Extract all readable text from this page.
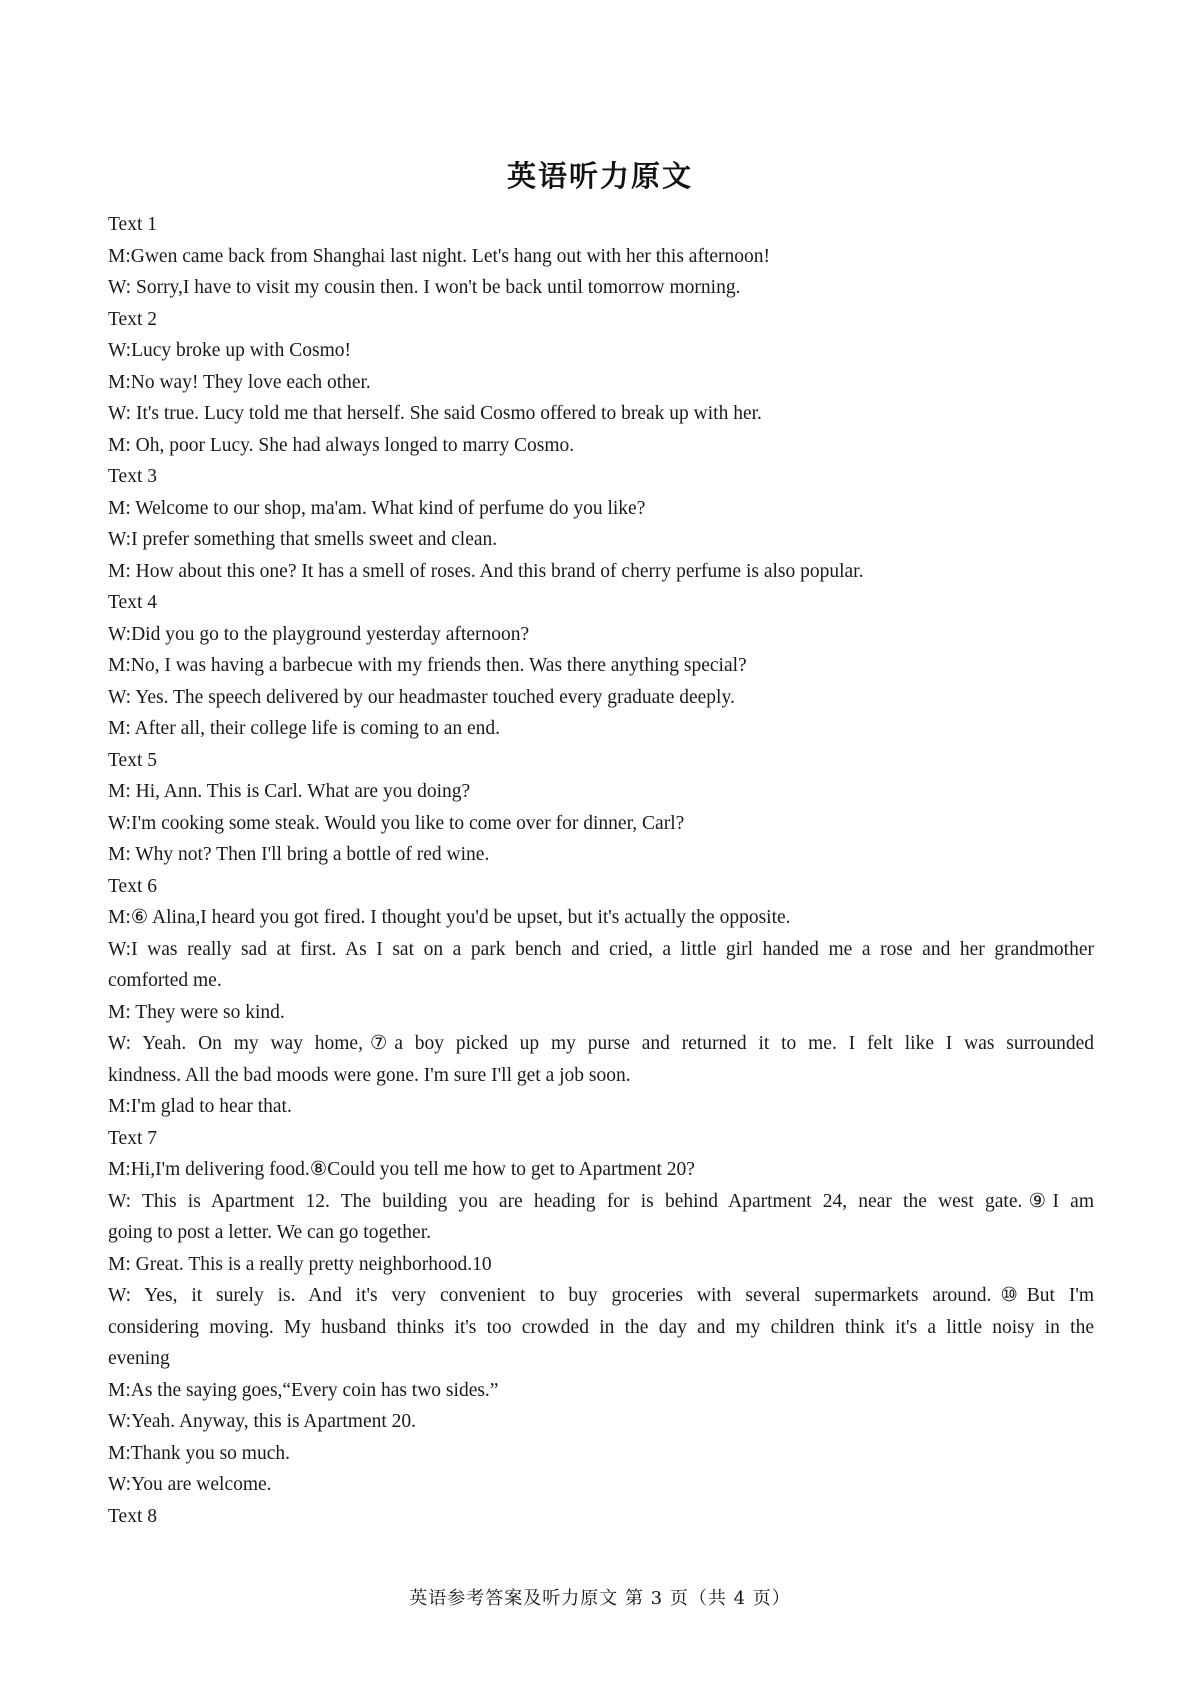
英语听力原文
Text 1
M:Gwen came back from Shanghai last night. Let's hang out with her this afternoon!
W: Sorry,I have to visit my cousin then. I won't be back until tomorrow morning.
Text 2
W:Lucy broke up with Cosmo!
M:No way! They love each other.
W: It's true. Lucy told me that herself. She said Cosmo offered to break up with her.
M: Oh, poor Lucy. She had always longed to marry Cosmo.
Text 3
M: Welcome to our shop, ma'am. What kind of perfume do you like?
W:I prefer something that smells sweet and clean.
M: How about this one? It has a smell of roses. And this brand of cherry perfume is also popular.
Text 4
W:Did you go to the playground yesterday afternoon?
M:No, I was having a barbecue with my friends then. Was there anything special?
W: Yes. The speech delivered by our headmaster touched every graduate deeply.
M: After all, their college life is coming to an end.
Text 5
M: Hi, Ann. This is Carl. What are you doing?
W:I'm cooking some steak. Would you like to come over for dinner, Carl?
M: Why not? Then I'll bring a bottle of red wine.
Text 6
M:⑥ Alina,I heard you got fired. I thought you'd be upset, but it's actually the opposite.
W:I was really sad at first. As I sat on a park bench and cried, a little girl handed me a rose and her grandmother
comforted me.
M: They were so kind.
W: Yeah. On my way home,⑦a boy picked up my purse and returned it to me. I felt like I was surrounded
kindness. All the bad moods were gone. I'm sure I'll get a job soon.
M:I'm glad to hear that.
Text 7
M:Hi,I'm delivering food.⑧Could you tell me how to get to Apartment 20?
W: This is Apartment 12. The building you are heading for is behind Apartment 24, near the west gate.⑨I am
going to post a letter. We can go together.
M: Great. This is a really pretty neighborhood.10
W: Yes, it surely is. And it's very convenient to buy groceries with several supermarkets around.⑩But I'm
considering moving. My husband thinks it's too crowded in the day and my children think it's a little noisy in the
evening
M:As the saying goes,“Every coin has two sides.”
W:Yeah. Anyway, this is Apartment 20.
M:Thank you so much.
W:You are welcome.
Text 8
英语参考答案及听力原文 第 3 页（共 4 页）
